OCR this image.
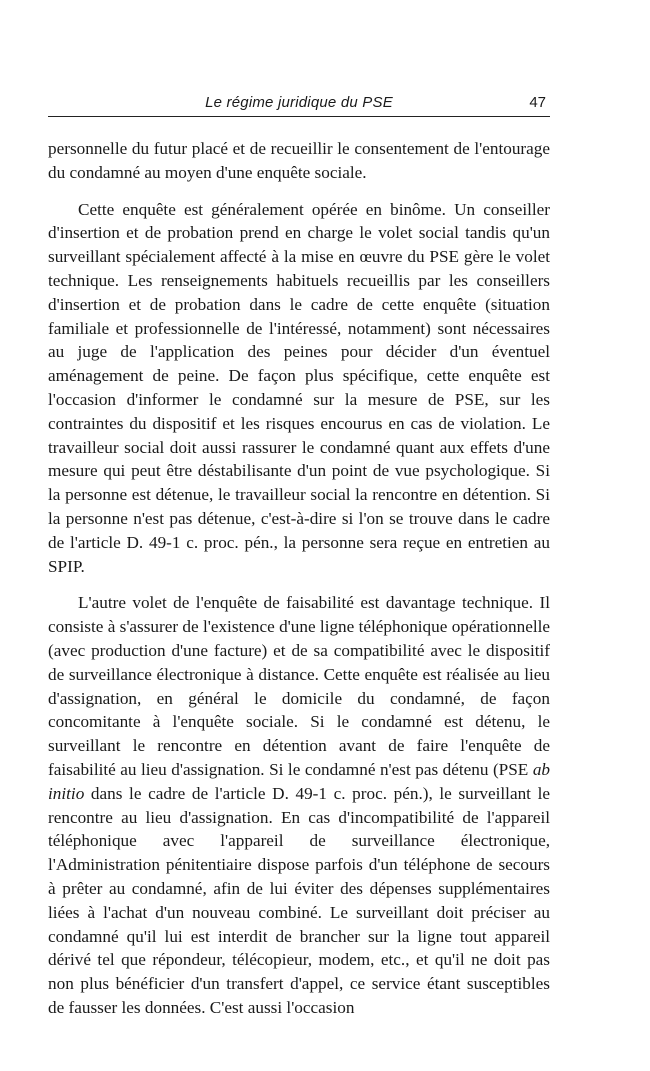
Le régime juridique du PSE	47

personnelle du futur placé et de recueillir le consentement de l'entourage du condamné au moyen d'une enquête sociale.

Cette enquête est généralement opérée en binôme. Un conseiller d'insertion et de probation prend en charge le volet social tandis qu'un surveillant spécialement affecté à la mise en œuvre du PSE gère le volet technique. Les renseignements habituels recueillis par les conseillers d'insertion et de probation dans le cadre de cette enquête (situation familiale et professionnelle de l'intéressé, notamment) sont nécessaires au juge de l'application des peines pour décider d'un éventuel aménagement de peine. De façon plus spécifique, cette enquête est l'occasion d'informer le condamné sur la mesure de PSE, sur les contraintes du dispositif et les risques encourus en cas de violation. Le travailleur social doit aussi rassurer le condamné quant aux effets d'une mesure qui peut être déstabilisante d'un point de vue psychologique. Si la personne est détenue, le travailleur social la rencontre en détention. Si la personne n'est pas détenue, c'est-à-dire si l'on se trouve dans le cadre de l'article D. 49-1 c. proc. pén., la personne sera reçue en entretien au SPIP.

L'autre volet de l'enquête de faisabilité est davantage technique. Il consiste à s'assurer de l'existence d'une ligne téléphonique opérationnelle (avec production d'une facture) et de sa compatibilité avec le dispositif de surveillance électronique à distance. Cette enquête est réalisée au lieu d'assignation, en général le domicile du condamné, de façon concomitante à l'enquête sociale. Si le condamné est détenu, le surveillant le rencontre en détention avant de faire l'enquête de faisabilité au lieu d'assignation. Si le condamné n'est pas détenu (PSE ab initio dans le cadre de l'article D. 49-1 c. proc. pén.), le surveillant le rencontre au lieu d'assignation. En cas d'incompatibilité de l'appareil téléphonique avec l'appareil de surveillance électronique, l'Administration pénitentiaire dispose parfois d'un téléphone de secours à prêter au condamné, afin de lui éviter des dépenses supplémentaires liées à l'achat d'un nouveau combiné. Le surveillant doit préciser au condamné qu'il lui est interdit de brancher sur la ligne tout appareil dérivé tel que répondeur, télécopieur, modem, etc., et qu'il ne doit pas non plus bénéficier d'un transfert d'appel, ce service étant susceptibles de fausser les données. C'est aussi l'occasion
